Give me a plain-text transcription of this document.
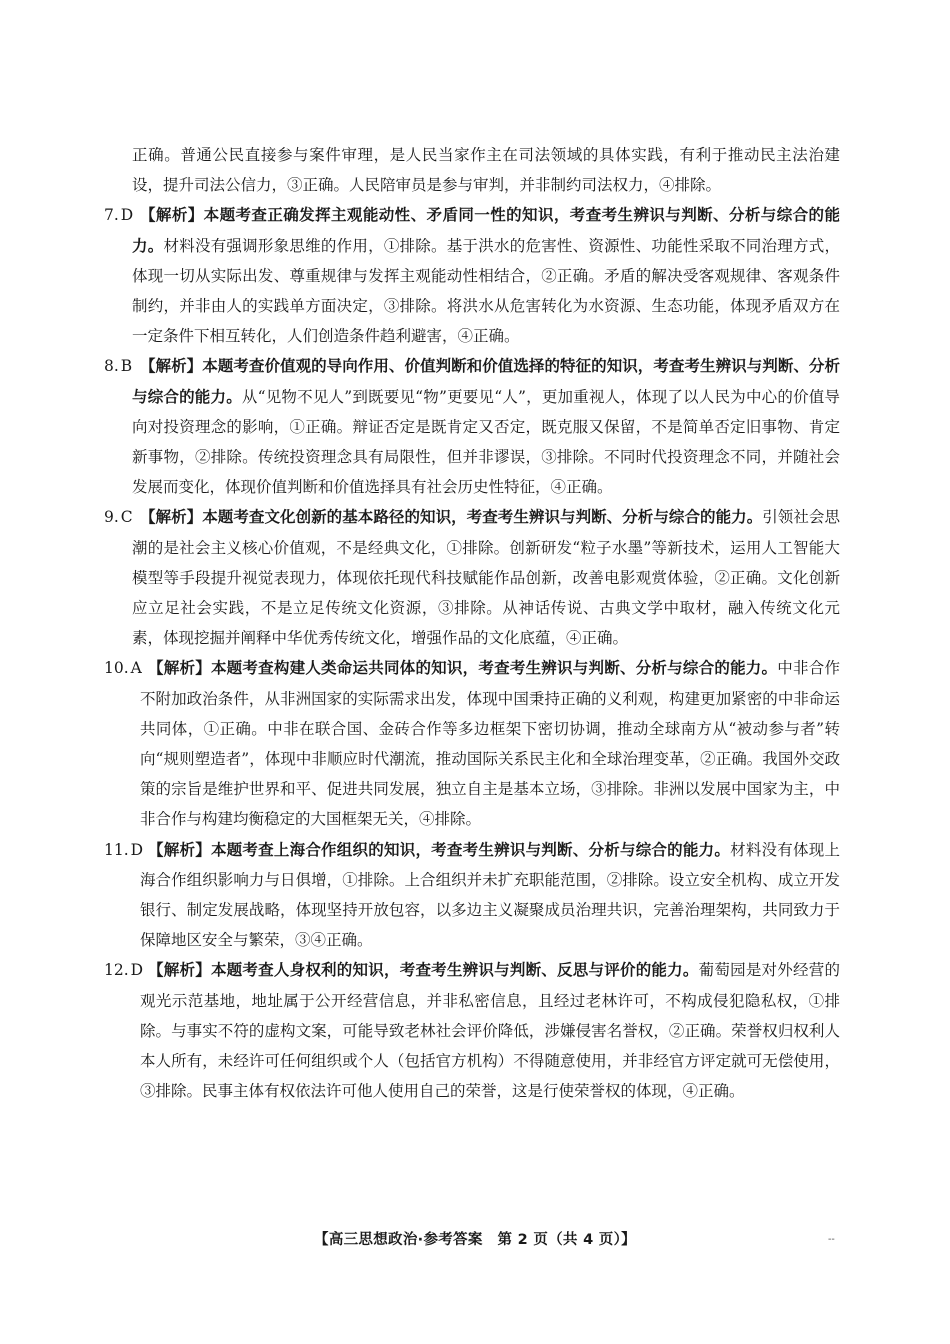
正确。普通公民直接参与案件审理，是人民当家作主在司法领域的具体实践，有利于推动民主法治建设，提升司法公信力，③正确。人民陪审员是参与审判，并非制约司法权力，④排除。

7. D 【解析】本题考查正确发挥主观能动性、矛盾同一性的知识，考查考生辨识与判断、分析与综合的能力。材料没有强调形象思维的作用，①排除。基于洪水的危害性、资源性、功能性采取不同治理方式，体现一切从实际出发、尊重规律与发挥主观能动性相结合，②正确。矛盾的解决受客观规律、客观条件制约，并非由人的实践单方面决定，③排除。将洪水从危害转化为水资源、生态功能，体现矛盾双方在一定条件下相互转化，人们创造条件趋利避害，④正确。

8. B 【解析】本题考查价值观的导向作用、价值判断和价值选择的特征的知识，考查考生辨识与判断、分析与综合的能力。从“见物不见人”到既要见“物”更要见“人”，更加重视人，体现了以人民为中心的价值导向对投资理念的影响，①正确。辩证否定是既肯定又否定，既克服又保留，不是简单否定旧事物、肯定新事物，②排除。传统投资理念具有局限性，但并非谬误，③排除。不同时代投资理念不同，并随社会发展而变化，体现价值判断和价值选择具有社会历史性特征，④正确。

9. C 【解析】本题考查文化创新的基本路径的知识，考查考生辨识与判断、分析与综合的能力。引领社会思潮的是社会主义核心价值观，不是经典文化，①排除。创新研发“粒子水墨”等新技术，运用人工智能大模型等手段提升视觉表现力，体现依托现代科技赋能作品创新，改善电影观赏体验，②正确。文化创新应立足社会实践，不是立足传统文化资源，③排除。从神话传说、古典文学中取材，融入传统文化元素，体现挖掘并阐释中华优秀传统文化，增强作品的文化底蕴，④正确。

10. A 【解析】本题考查构建人类命运共同体的知识，考查考生辨识与判断、分析与综合的能力。中非合作不附加政治条件，从非洲国家的实际需求出发，体现中国秉持正确的义利观，构建更加紧密的中非命运共同体，①正确。中非在联合国、金砖合作等多边框架下密切协调，推动全球南方从“被动参与者”转向“规则塑造者”，体现中非顺应时代潮流，推动国际关系民主化和全球治理变革，②正确。我国外交政策的宗旨是维护世界和平、促进共同发展，独立自主是基本立场，③排除。非洲以发展中国家为主，中非合作与构建均衡稳定的大国框架无关，④排除。

11. D 【解析】本题考查上海合作组织的知识，考查考生辨识与判断、分析与综合的能力。材料没有体现上海合作组织影响力与日俱增，①排除。上合组织并未扩充职能范围，②排除。设立安全机构、成立开发银行、制定发展战略，体现坚持开放包容，以多边主义凝聚成员治理共识，完善治理架构，共同致力于保障地区安全与繁荣，③④正确。

12. D 【解析】本题考查人身权利的知识，考查考生辨识与判断、反思与评价的能力。葡萄园是对外经营的观光示范基地，地址属于公开经营信息，并非私密信息，且经过老林许可，不构成侵犯隐私权，①排除。与事实不符的虚构文案，可能导致老林社会评价降低，涉嫌侵害名誉权，②正确。荣誉权归权利人本人所有，未经许可任何组织或个人（包括官方机构）不得随意使用，并非经官方评定就可无偿使用，③排除。民事主体有权依法许可他人使用自己的荣誉，这是行使荣誉权的体现，④正确。

【高三思想政治·参考答案　第 2 页（共 4 页）】	--
